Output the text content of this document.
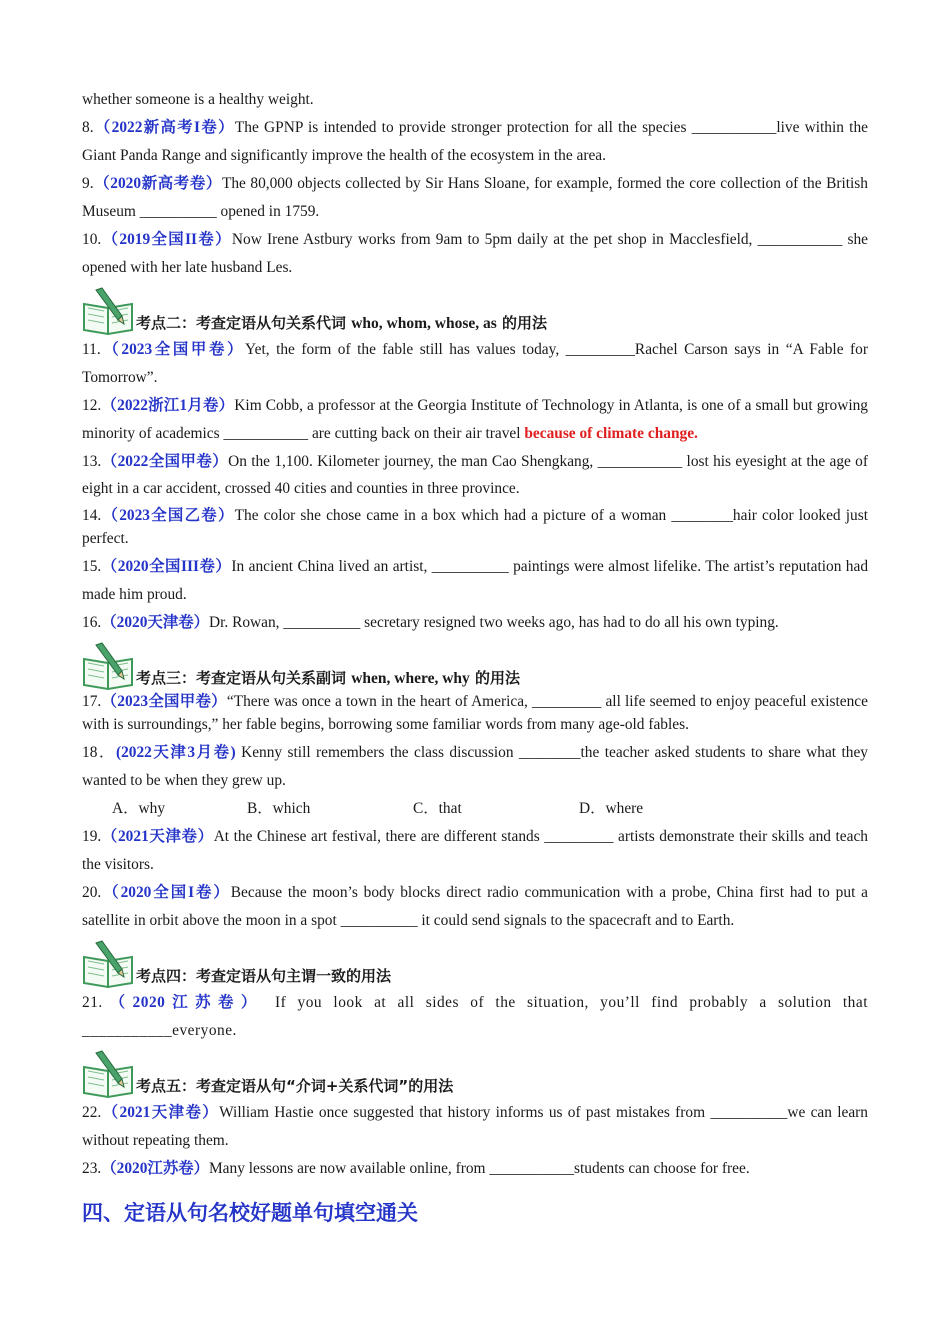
whether someone is a healthy weight.

8.（2022新高考I卷）The GPNP is intended to provide stronger protection for all the species ___________live within the Giant Panda Range and significantly improve the health of the ecosystem in the area.

9.（2020新高考卷）The 80,000 objects collected by Sir Hans Sloane, for example, formed the core collection of the British Museum __________ opened in 1759.

10.（2019全国II卷）Now Irene Astbury works from 9am to 5pm daily at the pet shop in Macclesfield, ___________ she opened with her late husband Les.

考点二：考查定语从句关系代词 who, whom, whose, as 的用法

11.（2023全国甲卷）Yet, the form of the fable still has values today, _________Rachel Carson says in “A Fable for Tomorrow”.

12.（2022浙江1月卷）Kim Cobb, a professor at the Georgia Institute of Technology in Atlanta, is one of a small but growing minority of academics ___________ are cutting back on their air travel because of climate change.

13.（2022全国甲卷）On the 1,100. Kilometer journey, the man Cao Shengkang, ___________ lost his eyesight at the age of eight in a car accident, crossed 40 cities and counties in three province.

14.（2023全国乙卷）The color she chose came in a box which had a picture of a woman ________hair color looked just perfect.

15.（2020全国III卷）In ancient China lived an artist, __________ paintings were almost lifelike. The artist’s reputation had made him proud.

16.（2020天津卷）Dr. Rowan, __________ secretary resigned two weeks ago, has had to do all his own typing.

考点三：考查定语从句关系副词 when, where, why 的用法

17.（2023全国甲卷）“There was once a town in the heart of America, _________ all life seemed to enjoy peaceful existence with is surroundings,” her fable begins, borrowing some familiar words from many age-old fables.

18．(2022天津3月卷) Kenny still remembers the class discussion ________the teacher asked students to share what they wanted to be when they grew up.

A．why	B．which	C．that	D．where

19.（2021天津卷）At the Chinese art festival, there are different stands _________ artists demonstrate their skills and teach the visitors.

20.（2020全国I卷）Because the moon’s body blocks direct radio communication with a probe, China first had to put a satellite in orbit above the moon in a spot __________ it could send signals to the spacecraft and to Earth.

考点四：考查定语从句主谓一致的用法

21.（2020江苏卷） If you look at all sides of the situation, you’ll find probably a solution that ___________everyone.

考点五：考查定语从句“介词+关系代词”的用法

22.（2021天津卷）William Hastie once suggested that history informs us of past mistakes from __________we can learn without repeating them.

23.（2020江苏卷）Many lessons are now available online, from ___________students can choose for free.

四、定语从句名校好题单句填空通关
